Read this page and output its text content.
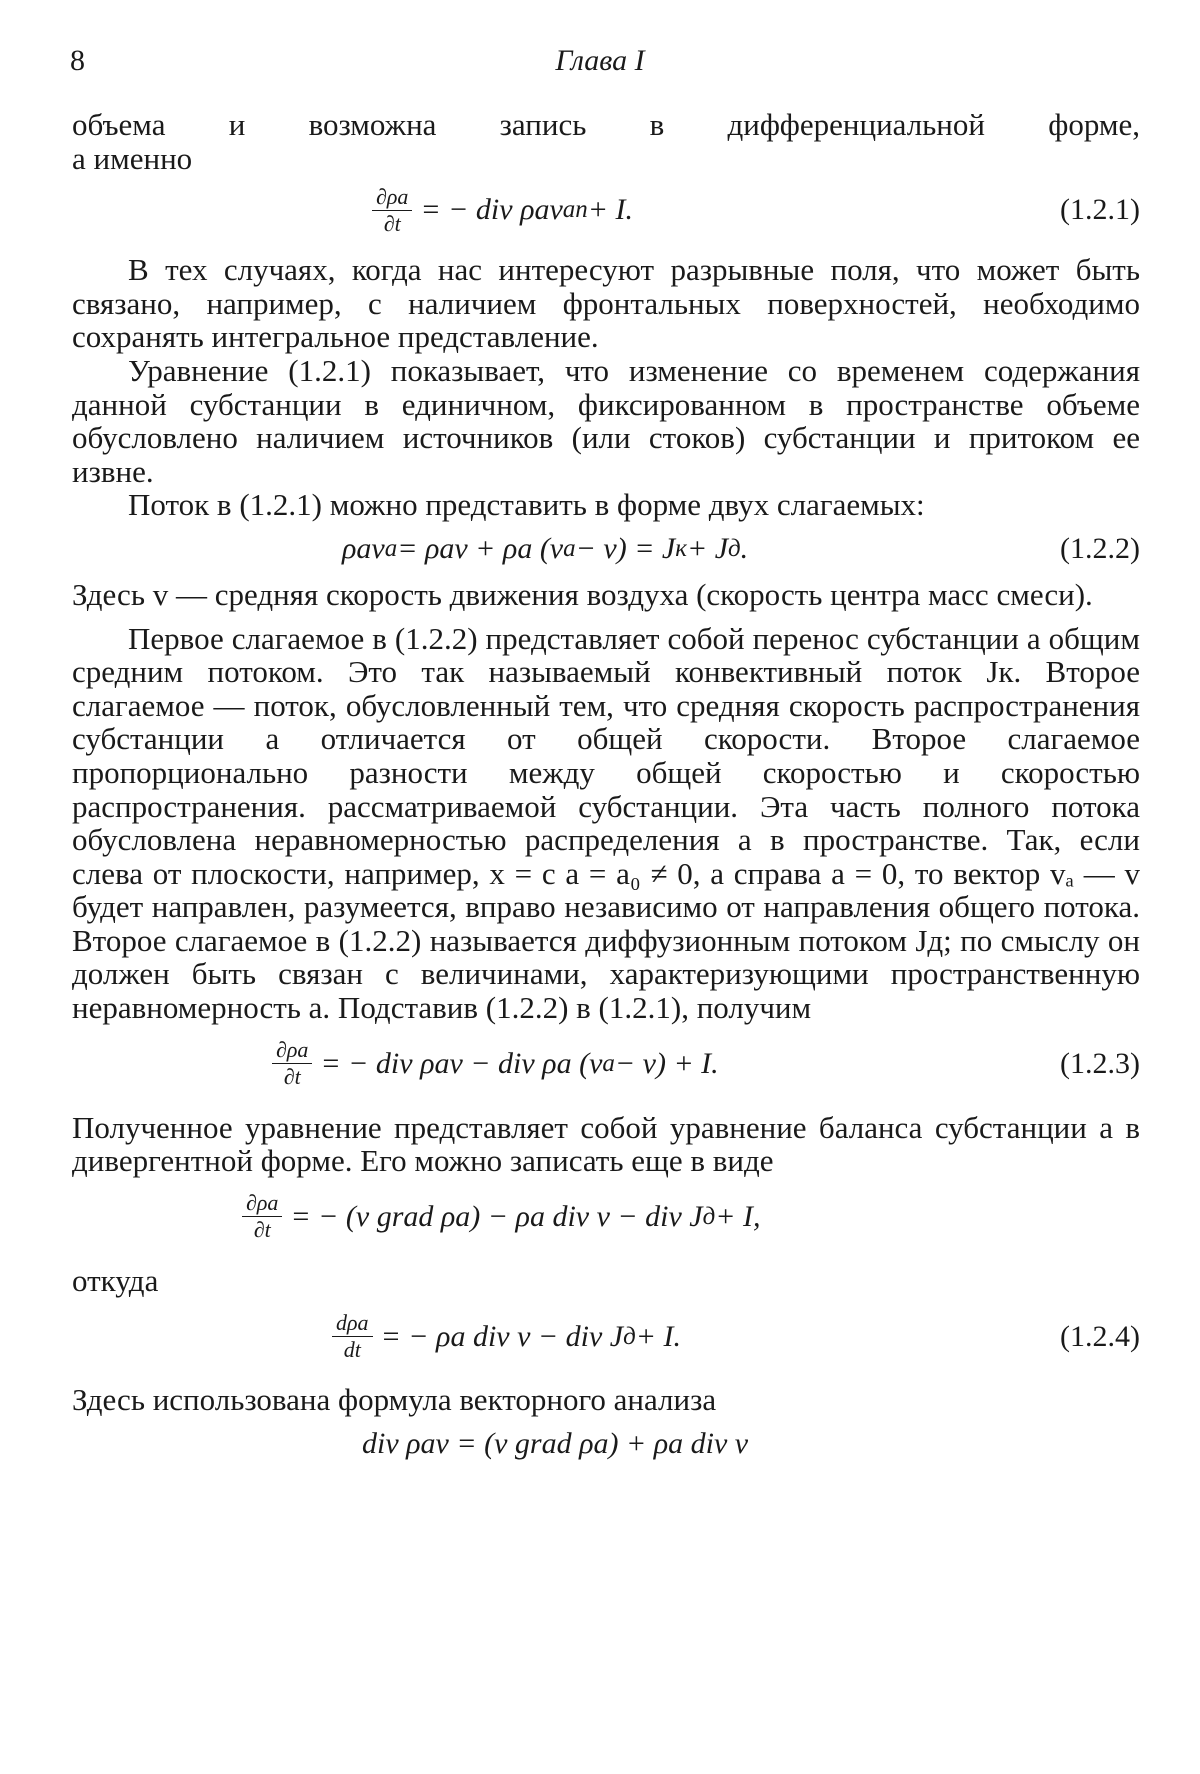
8	Глава I

объема и возможна запись в дифференциальной форме,

а именно

$\frac{\partial\rho a}{\partial t}$ = − div ρav an + I.	(1.2.1)

В тех случаях, когда нас интересуют разрывные поля, что может быть связано, например, с наличием фронтальных поверхностей, необходимо сохранять интегральное представление.

Уравнение (1.2.1) показывает, что изменение со временем содержания данной субстанции в единичном, фиксированном в пространстве объеме обусловлено наличием источников (или стоков) субстанции и притоком ее извне.

Поток в (1.2.1) можно представить в форме двух слагаемых:

ρav a = ρav + ρa (v a − v) = J к + J д .	(1.2.2)

Здесь v — средняя скорость движения воздуха (скорость центра масс смеси).

Первое слагаемое в (1.2.2) представляет собой перенос субстанции a общим средним потоком. Это так называемый конвективный поток Jк. Второе слагаемое — поток, обусловленный тем, что средняя скорость распространения субстанции a отличается от общей скорости. Второе слагаемое пропорционально разности между общей скоростью и скоростью распространения. рассматриваемой субстанции. Эта часть полного потока обусловлена неравномерностью распределения a в пространстве. Так, если слева от плоскости, например, x = c a = a₀ ≠ 0, а справа a = 0, то вектор vₐ — v будет направлен, разумеется, вправо независимо от направления общего потока. Второе слагаемое в (1.2.2) называется диффузионным потоком Jд; по смыслу он должен быть связан с величинами, характеризующими пространственную неравномерность a. Подставив (1.2.2) в (1.2.1), получим

$\frac{\partial\rho a}{\partial t}$ = − div ρav − div ρa (v a − v) + I.	(1.2.3)

Полученное уравнение представляет собой уравнение баланса субстанции a в дивергентной форме. Его можно записать еще в виде

$\frac{\partial\rho a}{\partial t}$ = − (v grad ρa) − ρa div v − div J д + I,

откуда

$\frac{\text{dρa}}{dt}$ = − ρa div v − div J д + I.	(1.2.4)

Здесь использована формула векторного анализа

div ρav = (v grad ρa) + ρa div v
